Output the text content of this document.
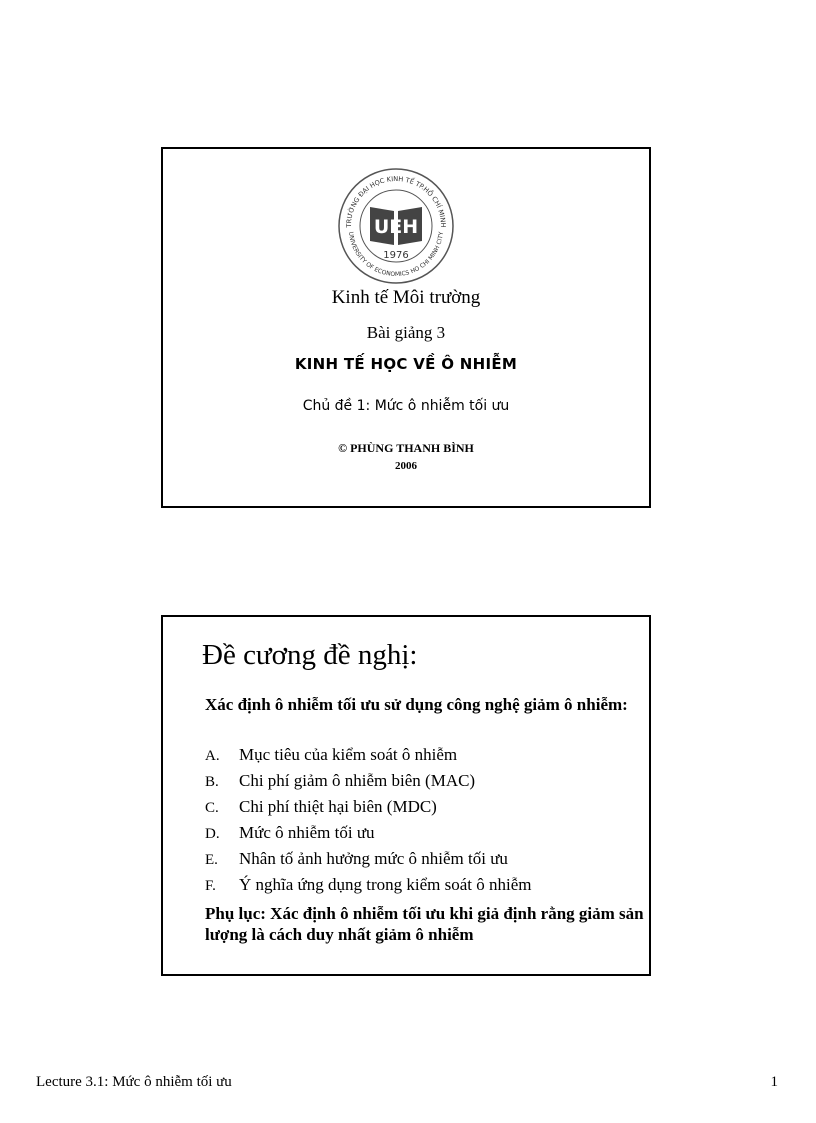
TRƯỜNG ĐẠI HỌC KINH TẾ TP.HỒ CHÍ MINH
UNIVERSITY OF ECONOMICS HO CHI MINH CITY
UEH
1976

Kinh tế Môi trường

Bài giảng 3

KINH TẾ HỌC VỀ Ô NHIỄM

Chủ đề 1: Mức ô nhiễm tối ưu

© PHÙNG THANH BÌNH

2006

Đề cương đề nghị:

Xác định ô nhiễm tối ưu sử dụng công nghệ giảm ô nhiễm:

A. Mục tiêu của kiểm soát ô nhiễm
B. Chi phí giảm ô nhiễm biên (MAC)
C. Chi phí thiệt hại biên (MDC)
D. Mức ô nhiễm tối ưu
E. Nhân tố ảnh hưởng mức ô nhiễm tối ưu
F. Ý nghĩa ứng dụng trong kiểm soát ô nhiễm

Phụ lục: Xác định ô nhiễm tối ưu khi giả định rằng giảm sản lượng là cách duy nhất giảm ô nhiễm

Lecture 3.1: Mức ô nhiễm tối ưu	1
